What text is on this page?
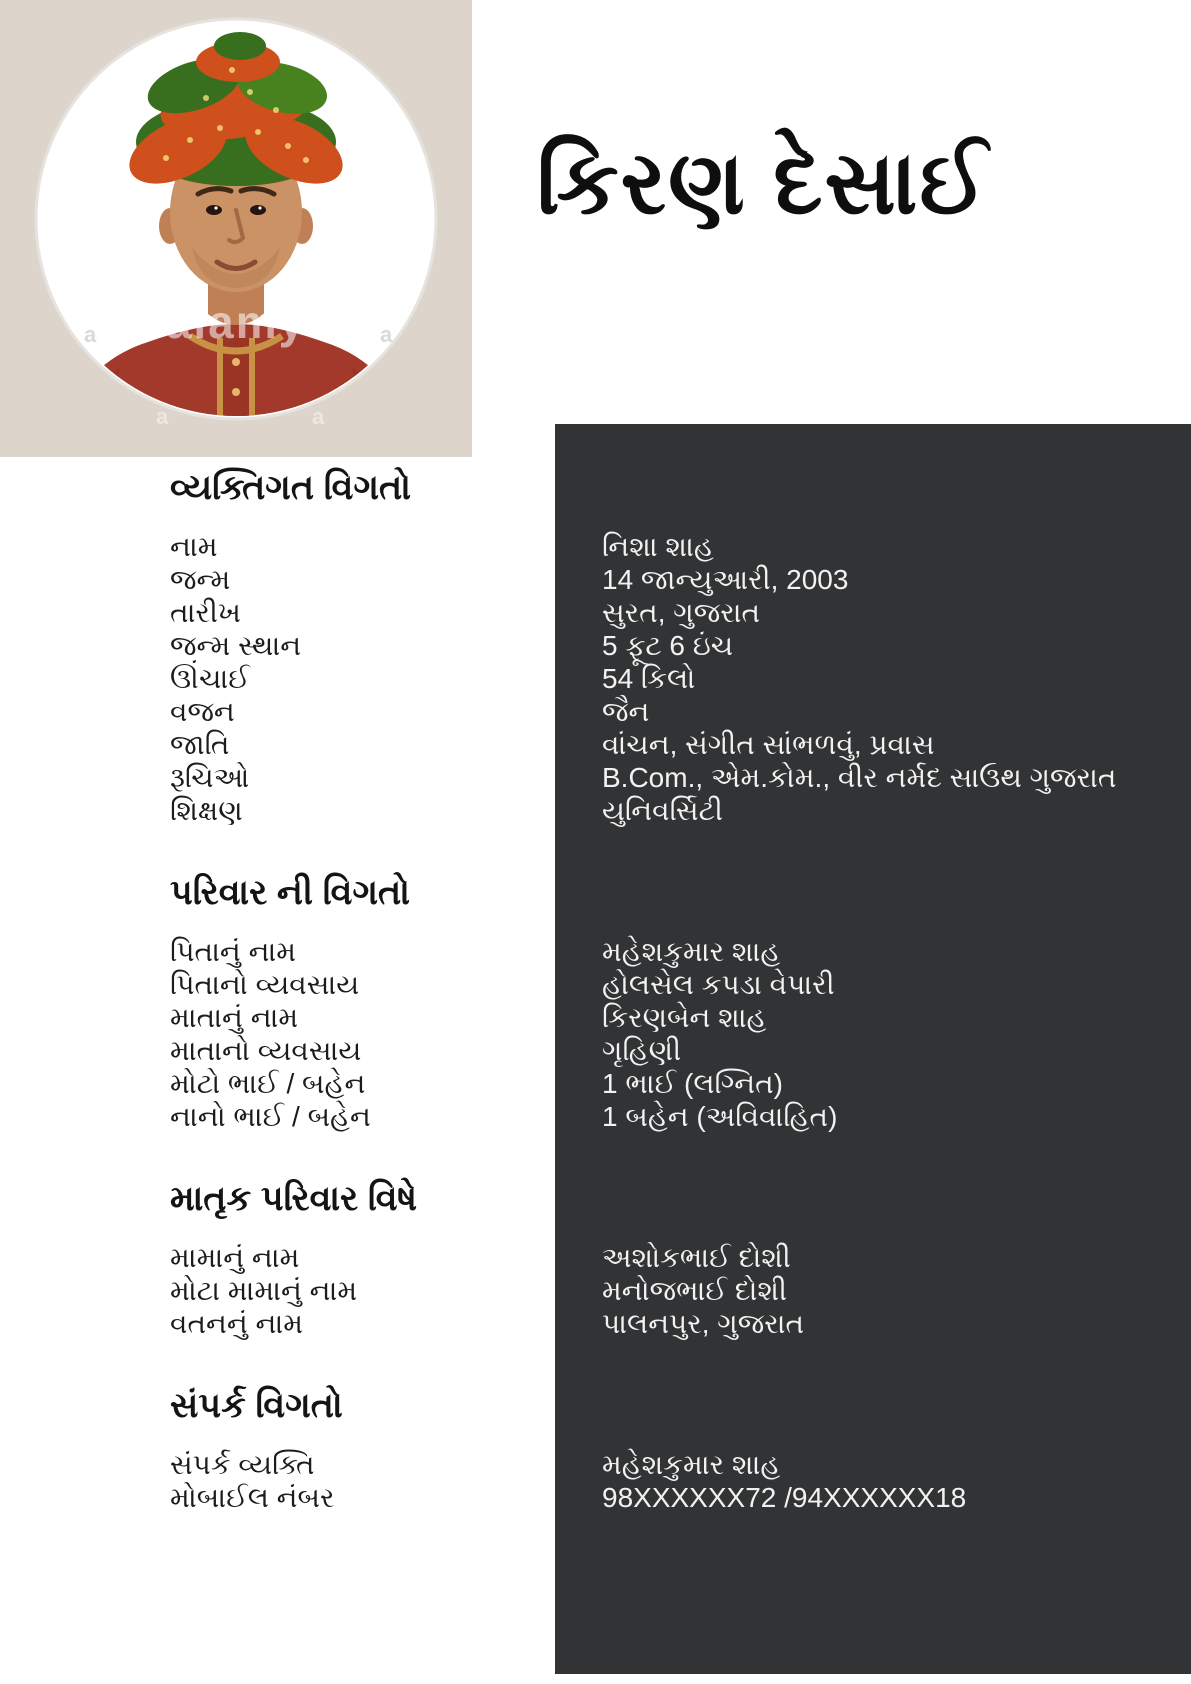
alamy
a	a
a	a
કિરણ દેસાઈ
વ્યક્તિગત વિગતો
નામ
જન્મ
તારીખ
જન્મ સ્થાન
ઊંચાઈ
વજન
જાતિ
રૂચિઓ
શિક્ષણ
નિશા શાહ
14 જાન્યુઆરી, 2003
સુરત, ગુજરાત
5 ફૂટ 6 ઇંચ
54 કિલો
જૈન
વાંચન, સંગીત સાંભળવું, પ્રવાસ
B.Com., એમ.કોમ., વીર નર્મદ સાઉથ ગુજરાત યુનિવર્સિટી
પરિવાર ની વિગતો
પિતાનું નામ
પિતાનો વ્યવસાય
માતાનું નામ
માતાનો વ્યવસાય
મોટો ભાઈ / બહેન
નાનો ભાઈ / બહેન
મહેશકુમાર શાહ
હોલસેલ કપડા વેપારી
કિરણબેન શાહ
ગૃહિણી
1 ભાઈ (લગ્નિત)
1 બહેન (અવિવાહિત)
માતૃક પરિવાર વિષે
મામાનું નામ
મોટા મામાનું નામ
વતનનું નામ
અશોકભાઈ દોશી
મનોજભાઈ દોશી
પાલનપુર, ગુજરાત
સંપર્ક વિગતો
સંપર્ક વ્યક્તિ
મોબાઈલ નંબર
મહેશકુમાર શાહ
98XXXXXX72 /94XXXXXX18
